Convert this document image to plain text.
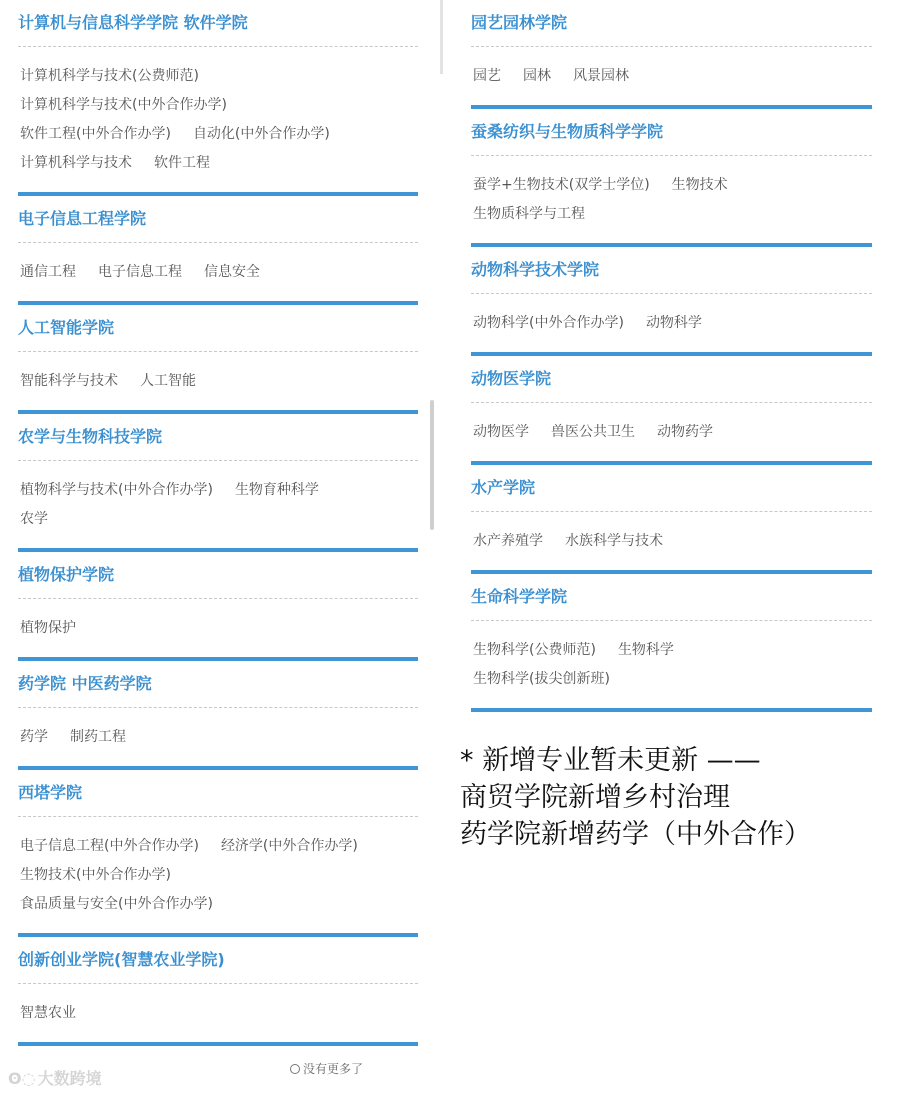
计算机与信息科学学院 软件学院
计算机科学与技术(公费师范)
计算机科学与技术(中外合作办学)
软件工程(中外合作办学) 自动化(中外合作办学)
计算机科学与技术 软件工程
电子信息工程学院
通信工程 电子信息工程 信息安全
人工智能学院
智能科学与技术 人工智能
农学与生物科技学院
植物科学与技术(中外合作办学) 生物育种科学
农学
植物保护学院
植物保护
药学院 中医药学院
药学 制药工程
西塔学院
电子信息工程(中外合作办学) 经济学(中外合作办学)
生物技术(中外合作办学)
食品质量与安全(中外合作办学)
创新创业学院(智慧农业学院)
智慧农业
园艺园林学院
园艺 园林 风景园林
蚕桑纺织与生物质科学学院
蚕学+生物技术(双学士学位) 生物技术
生物质科学与工程
动物科学技术学院
动物科学(中外合作办学) 动物科学
动物医学院
动物医学 兽医公共卫生 动物药学
水产学院
水产养殖学 水族科学与技术
生命科学学院
生物科学(公费师范) 生物科学
生物科学(拔尖创新班)
* 新增专业暂未更新 ——
商贸学院新增乡村治理
药学院新增药学（中外合作）
没有更多了
ʘ◌ 大数跨境
